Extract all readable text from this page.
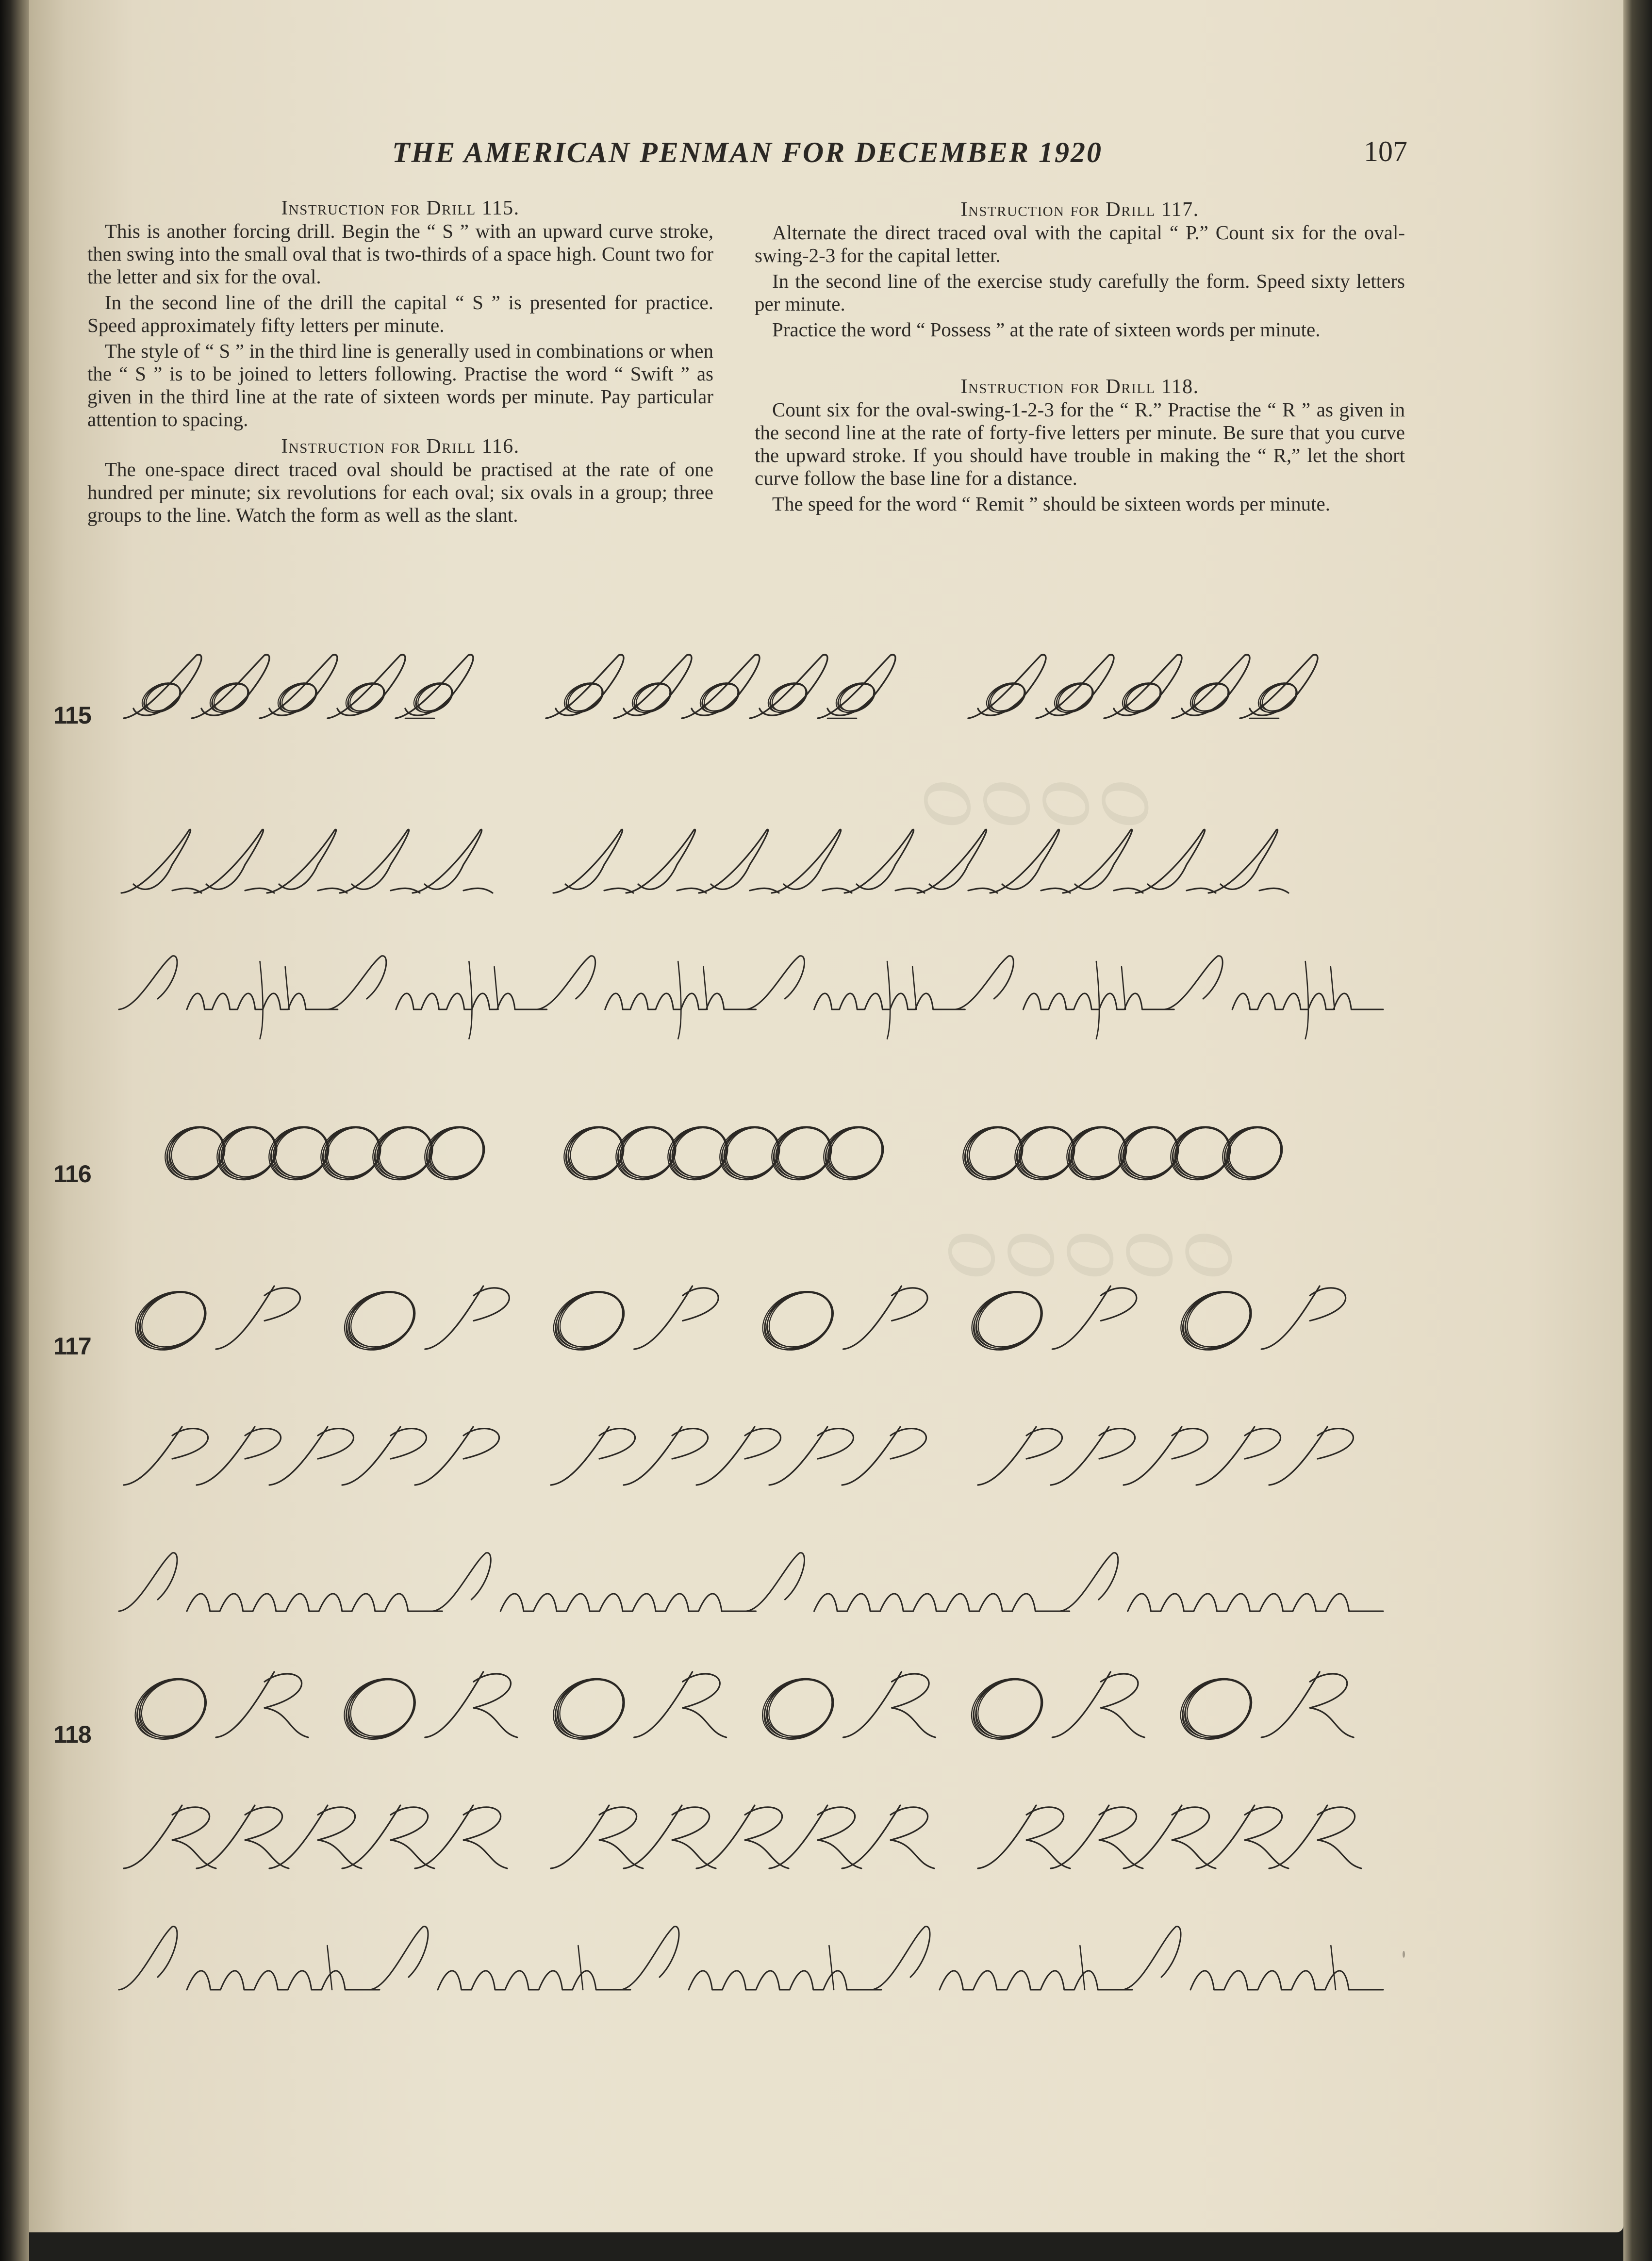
ᴑᴑᴑᴑ
ᴑᴑᴑᴑᴑ
THE AMERICAN PENMAN FOR DECEMBER 1920	107
Instruction for Drill 115.

This is another forcing drill. Begin the “ S ” with an upward curve stroke, then swing into the small oval that is two-thirds of a space high. Count two for the letter and six for the oval.

In the second line of the drill the capital “ S ” is presented for practice. Speed approximately fifty letters per minute.

The style of “ S ” in the third line is generally used in combinations or when the “ S ” is to be joined to letters following. Practise the word “ Swift ” as given in the third line at the rate of sixteen words per minute. Pay particular attention to spacing.

Instruction for Drill 116.

The one-space direct traced oval should be practised at the rate of one hundred per minute; six revolutions for each oval; six ovals in a group; three groups to the line. Watch the form as well as the slant.

Instruction for Drill 117.

Alternate the direct traced oval with the capital “ P.” Count six for the oval-swing-2-3 for the capital letter.

In the second line of the exercise study carefully the form. Speed sixty letters per minute.

Practice the word “ Possess ” at the rate of sixteen words per minute.

Instruction for Drill 118.

Count six for the oval-swing-1-2-3 for the “ R.” Practise the “ R ” as given in the second line at the rate of forty-five letters per minute. Be sure that you curve the upward stroke. If you should have trouble in making the “ R,” let the short curve follow the base line for a distance.

The speed for the word “ Remit ” should be sixteen words per minute.

115
116
117
118
